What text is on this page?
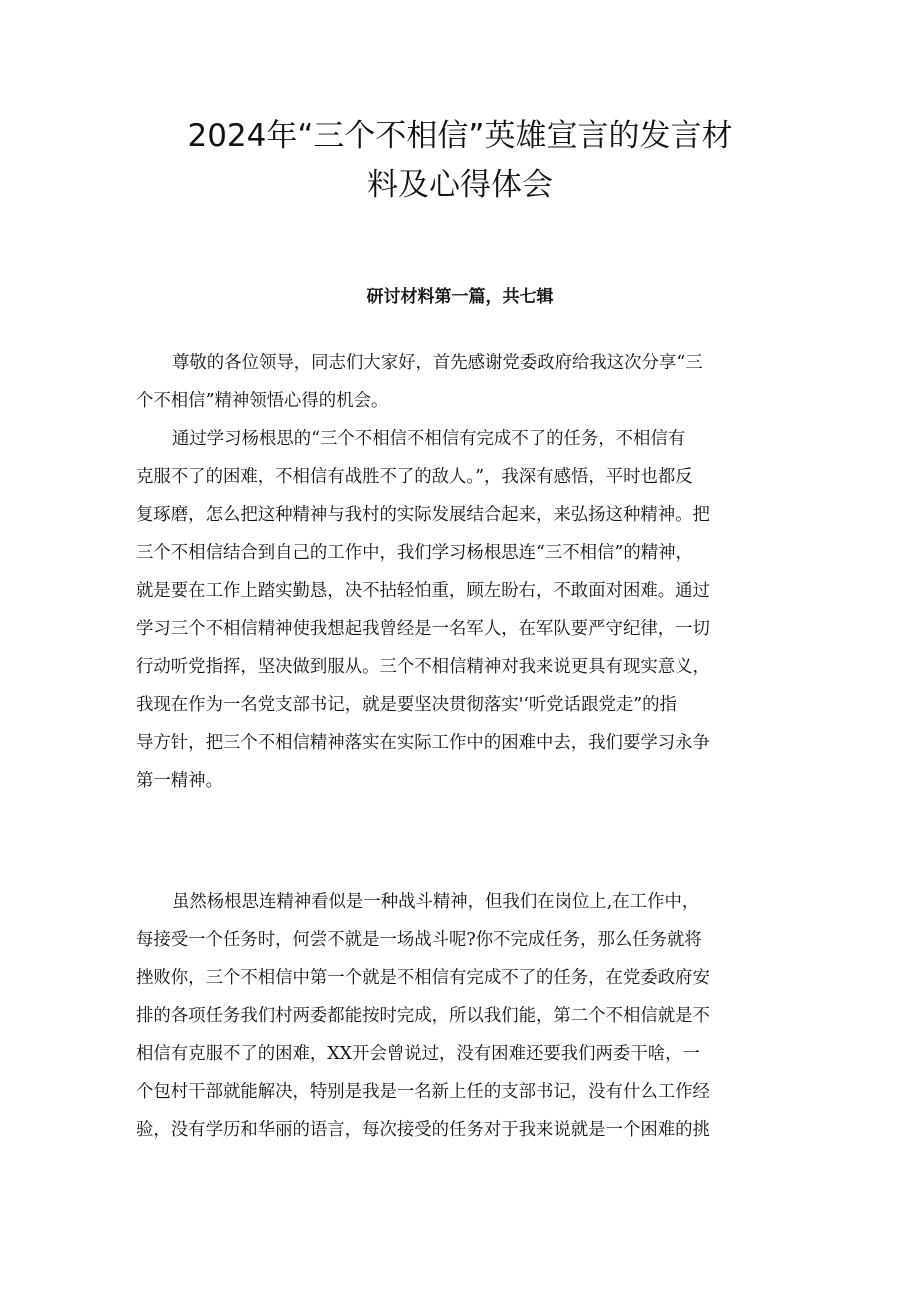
2024年“三个不相信”英雄宣言的发言材
料及心得体会

研讨材料第一篇，共七辑

尊敬的各位领导，同志们大家好，首先感谢党委政府给我这次分享“三
个不相信”精神领悟心得的机会。
通过学习杨根思的“三个不相信不相信有完成不了的任务，不相信有
克服不了的困难，不相信有战胜不了的敌人。”，我深有感悟，平时也都反
复琢磨，怎么把这种精神与我村的实际发展结合起来，来弘扬这种精神。把
三个不相信结合到自己的工作中，我们学习杨根思连“三不相信”的精神，
就是要在工作上踏实勤恳，决不拈轻怕重，顾左盼右，不敢面对困难。通过
学习三个不相信精神使我想起我曾经是一名军人，在军队要严守纪律，一切
行动听党指挥，坚决做到服从。三个不相信精神对我来说更具有现实意义，
我现在作为一名党支部书记，就是要坚决贯彻落实'‘听党话跟党走”的指
导方针，把三个不相信精神落实在实际工作中的困难中去，我们要学习永争
第一精神。
虽然杨根思连精神看似是一种战斗精神，但我们在岗位上,在工作中，
每接受一个任务时，何尝不就是一场战斗呢?你不完成任务，那么任务就将
挫败你，三个不相信中第一个就是不相信有完成不了的任务，在党委政府安
排的各项任务我们村两委都能按时完成，所以我们能，第二个不相信就是不
相信有克服不了的困难，XX开会曾说过，没有困难还要我们两委干啥，一
个包村干部就能解决，特别是我是一名新上任的支部书记，没有什么工作经
验，没有学历和华丽的语言，每次接受的任务对于我来说就是一个困难的挑
